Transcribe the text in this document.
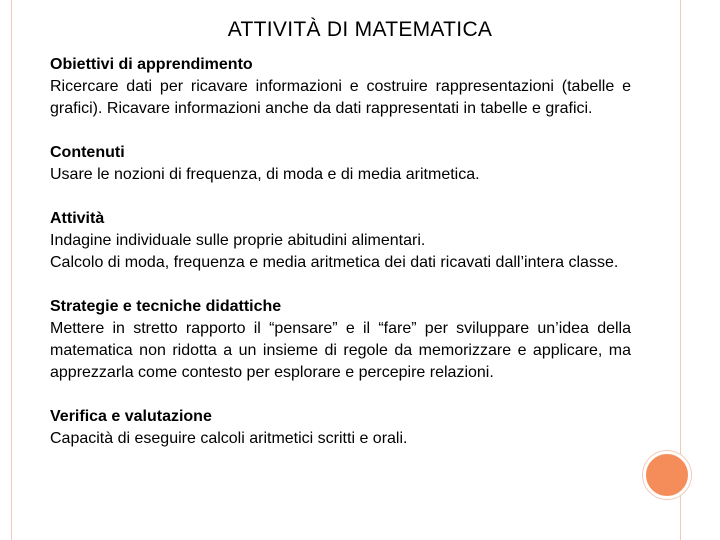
ATTIVITÀ DI MATEMATICA

Obiettivi di apprendimento

Ricercare dati per ricavare informazioni e costruire rappresentazioni (tabelle e grafici). Ricavare informazioni anche da dati rappresentati in tabelle e grafici.

Contenuti

Usare le nozioni di frequenza, di moda e di media aritmetica.

Attività

Indagine individuale sulle proprie abitudini alimentari.

Calcolo di moda, frequenza e media aritmetica dei dati ricavati dall’intera classe.

Strategie e tecniche didattiche

Mettere in stretto rapporto il “pensare” e il “fare” per sviluppare un’idea della matematica non ridotta a un insieme di regole da memorizzare e applicare, ma apprezzarla come contesto per esplorare e percepire relazioni.

Verifica e valutazione

Capacità di eseguire calcoli aritmetici scritti e orali.
